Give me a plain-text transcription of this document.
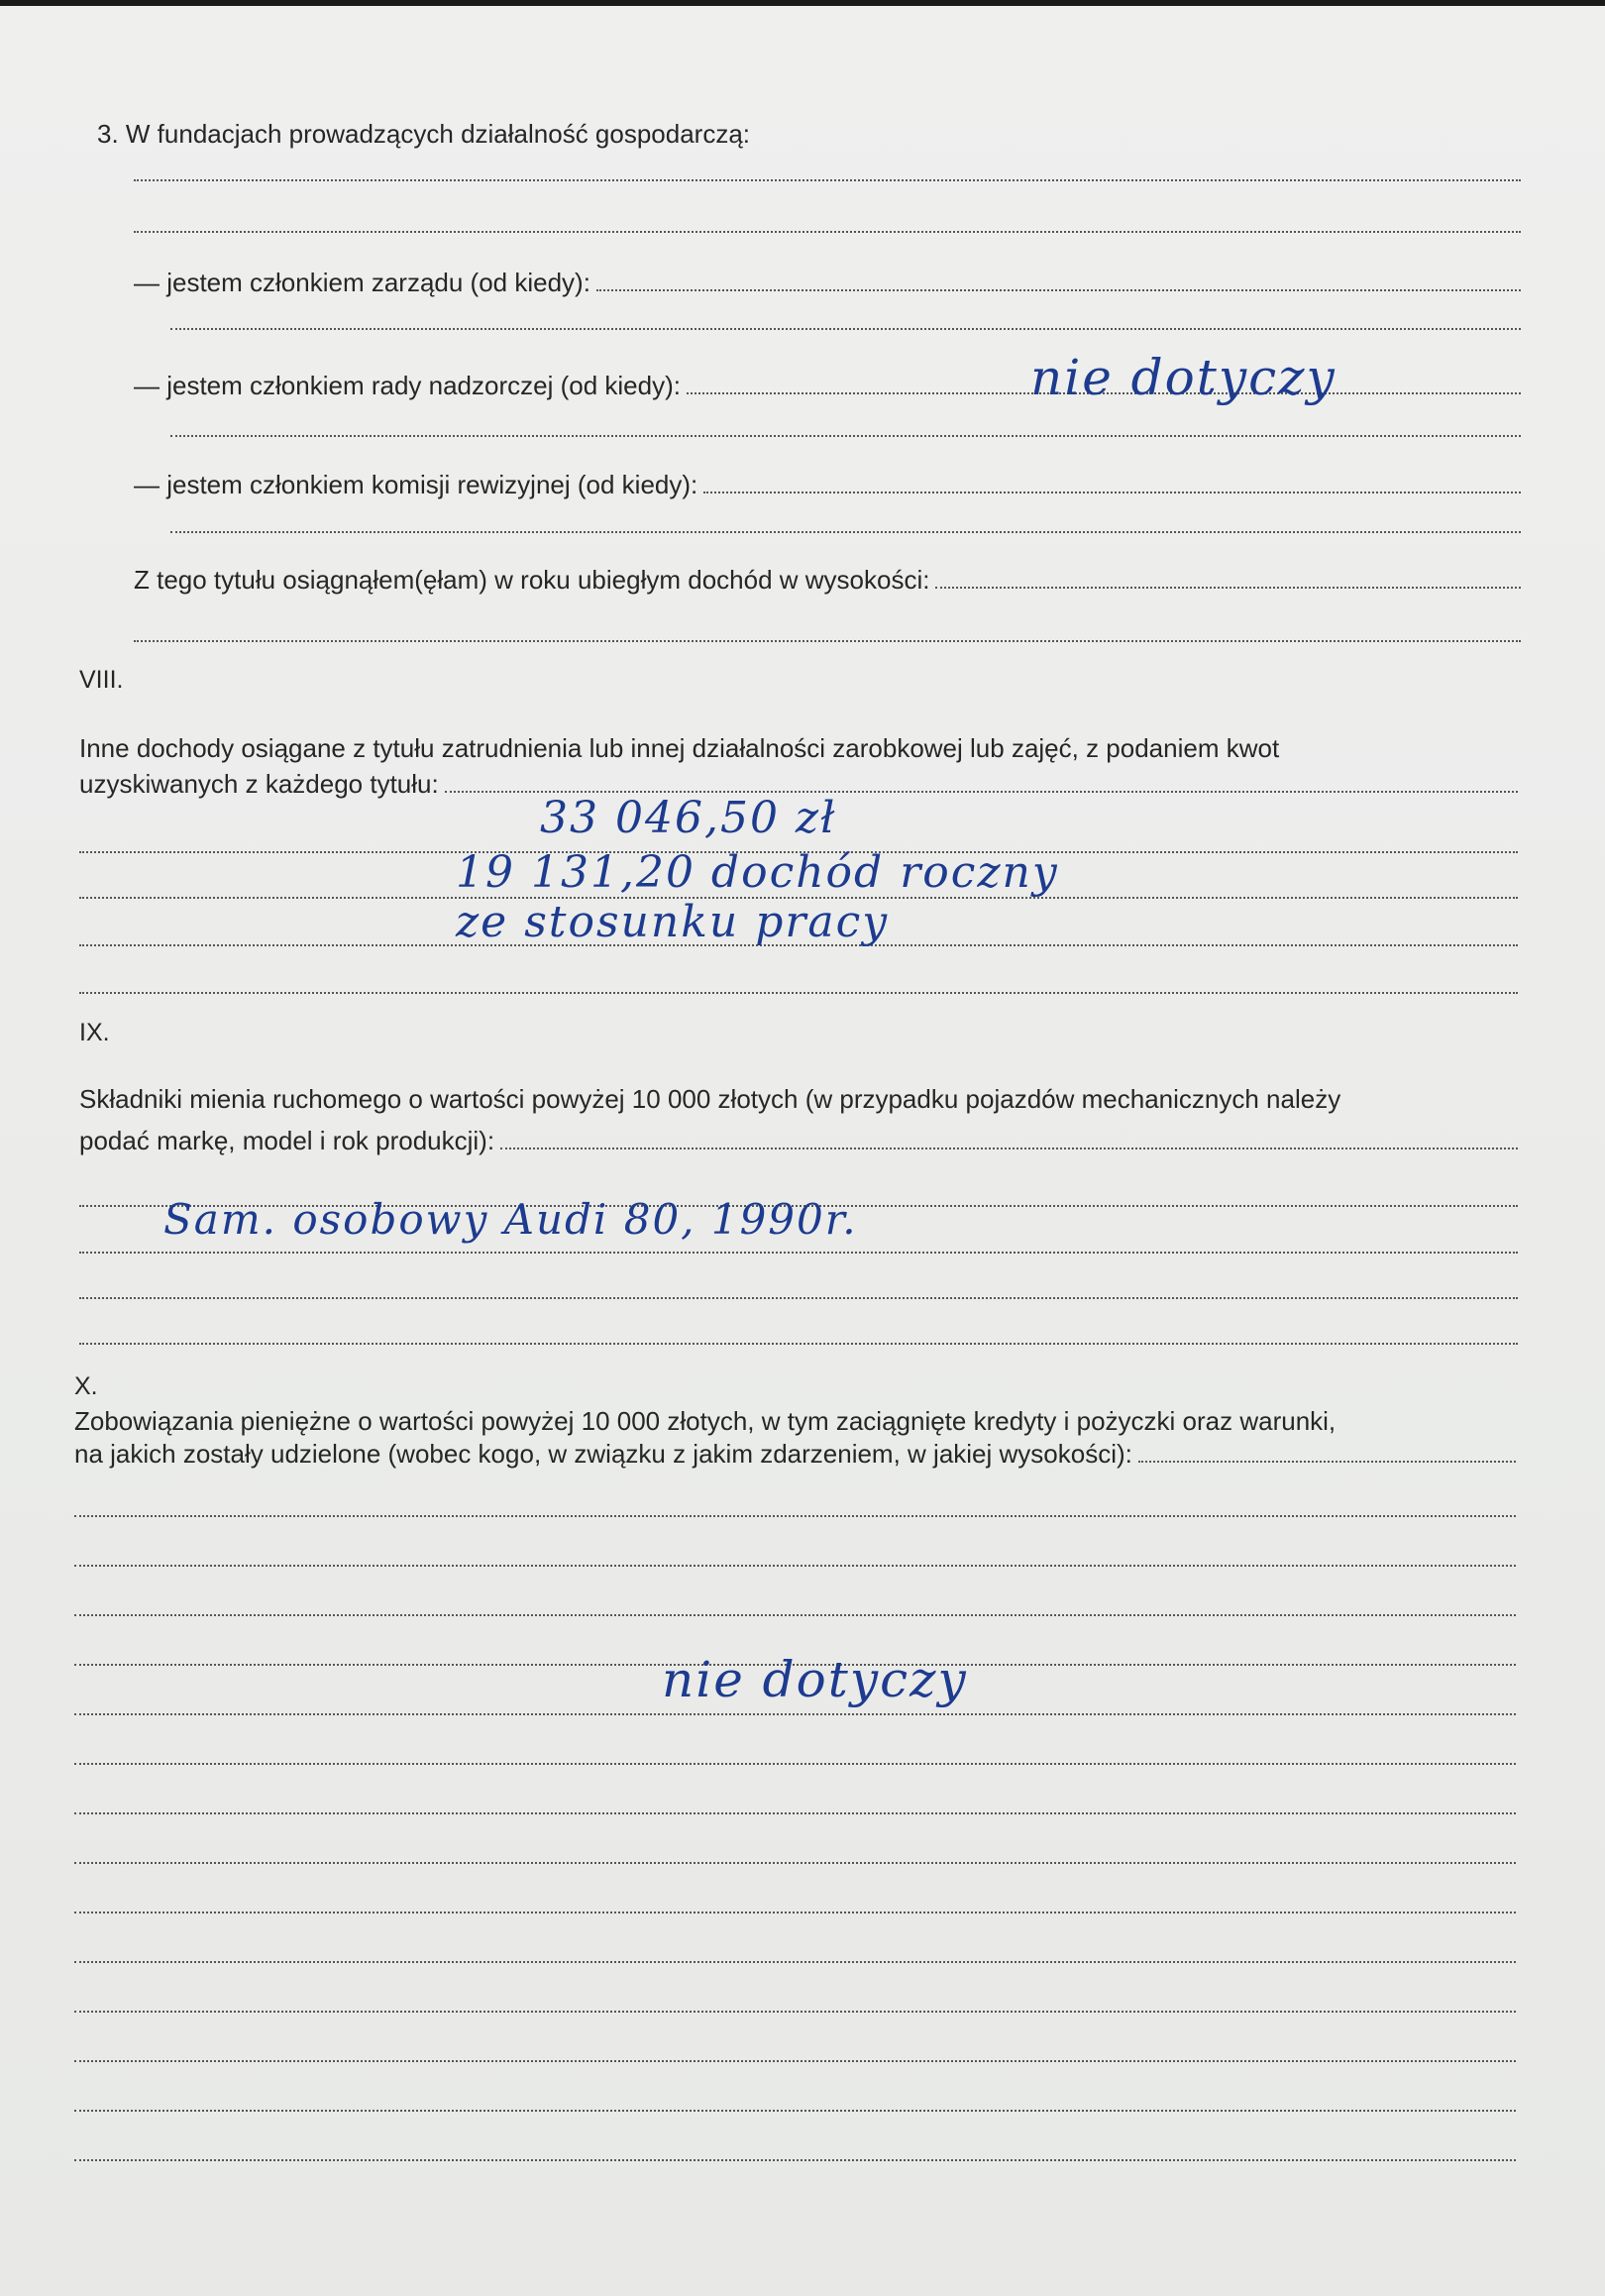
3. W fundacjach prowadzących działalność gospodarczą:
— jestem członkiem zarządu (od kiedy):
— jestem członkiem rady nadzorczej (od kiedy):	nie dotyczy
— jestem członkiem komisji rewizyjnej (od kiedy):
Z tego tytułu osiągnąłem(ęłam) w roku ubiegłym dochód w wysokości:
VIII.
Inne dochody osiągane z tytułu zatrudnienia lub innej działalności zarobkowej lub zajęć, z podaniem kwot
uzyskiwanych z każdego tytułu:
33 046,50 zł
19 131,20 dochód roczny
ze stosunku pracy
IX.
Składniki mienia ruchomego o wartości powyżej 10 000 złotych (w przypadku pojazdów mechanicznych należy
podać markę, model i rok produkcji):
Sam. osobowy Audi 80, 1990r.
X.
Zobowiązania pieniężne o wartości powyżej 10 000 złotych, w tym zaciągnięte kredyty i pożyczki oraz warunki,
na jakich zostały udzielone (wobec kogo, w związku z jakim zdarzeniem, w jakiej wysokości):
nie dotyczy
